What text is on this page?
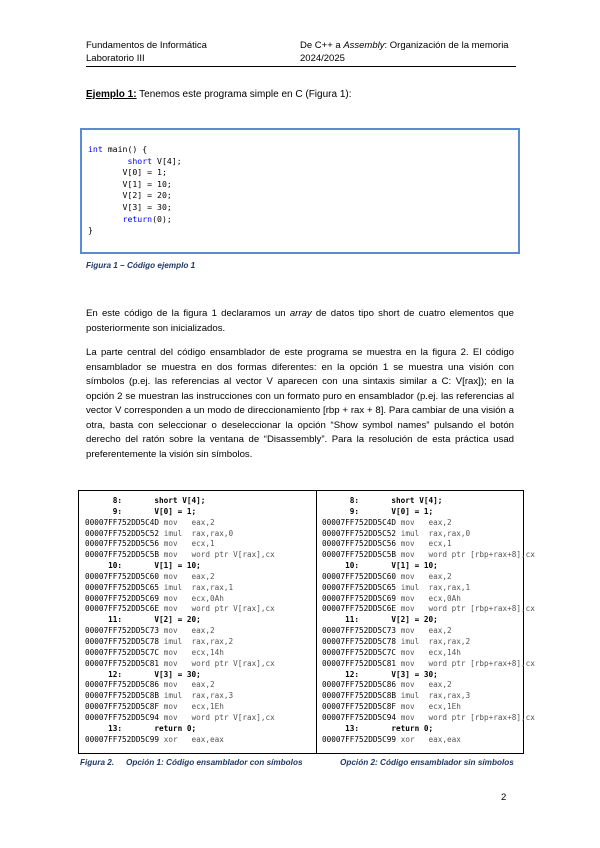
Fundamentos de Informática
Laboratorio III
De C++ a Assembly: Organización de la memoria
2024/2025
Ejemplo 1: Tenemos este programa simple en C (Figura 1):
int main() {
short V[4];
V[0] = 1;
V[1] = 10;
V[2] = 20;
V[3] = 30;
return(0);
}
Figura 1 – Código ejemplo 1
En este código de la figura 1 declaramos un array de datos tipo short de cuatro elementos que posteriormente son inicializados.
La parte central del código ensamblador de este programa se muestra en la figura 2. El código ensamblador se muestra en dos formas diferentes: en la opción 1 se muestra una visión con símbolos (p.ej. las referencias al vector V aparecen con una sintaxis similar a C: V[rax]); en la opción 2 se muestran las instrucciones con un formato puro en ensamblador (p.ej. las referencias al vector V corresponden a un modo de direccionamiento [rbp + rax + 8]. Para cambiar de una visión a otra, basta con seleccionar o deseleccionar la opción “Show symbol names” pulsando el botón derecho del ratón sobre la ventana de “Disassembly”. Para la resolución de esta práctica usad preferentemente la visión sin símbolos.
8:       short V[4];
9:       V[0] = 1;
00007FF752DD5C4D mov   eax,2
00007FF752DD5C52 imul  rax,rax,0
00007FF752DD5C56 mov   ecx,1
00007FF752DD5C5B mov   word ptr V[rax],cx
10:       V[1] = 10;
00007FF752DD5C60 mov   eax,2
00007FF752DD5C65 imul  rax,rax,1
00007FF752DD5C69 mov   ecx,0Ah
00007FF752DD5C6E mov   word ptr V[rax],cx
11:       V[2] = 20;
00007FF752DD5C73 mov   eax,2
00007FF752DD5C78 imul  rax,rax,2
00007FF752DD5C7C mov   ecx,14h
00007FF752DD5C81 mov   word ptr V[rax],cx
12:       V[3] = 30;
00007FF752DD5C86 mov   eax,2
00007FF752DD5C8B imul  rax,rax,3
00007FF752DD5C8F mov   ecx,1Eh
00007FF752DD5C94 mov   word ptr V[rax],cx
13:       return 0;
00007FF752DD5C99 xor   eax,eax
8:       short V[4];
9:       V[0] = 1;
00007FF752DD5C4D mov   eax,2
00007FF752DD5C52 imul  rax,rax,0
00007FF752DD5C56 mov   ecx,1
00007FF752DD5C5B mov   word ptr [rbp+rax+8],cx
10:       V[1] = 10;
00007FF752DD5C60 mov   eax,2
00007FF752DD5C65 imul  rax,rax,1
00007FF752DD5C69 mov   ecx,0Ah
00007FF752DD5C6E mov   word ptr [rbp+rax+8],cx
11:       V[2] = 20;
00007FF752DD5C73 mov   eax,2
00007FF752DD5C78 imul  rax,rax,2
00007FF752DD5C7C mov   ecx,14h
00007FF752DD5C81 mov   word ptr [rbp+rax+8],cx
12:       V[3] = 30;
00007FF752DD5C86 mov   eax,2
00007FF752DD5C8B imul  rax,rax,3
00007FF752DD5C8F mov   ecx,1Eh
00007FF752DD5C94 mov   word ptr [rbp+rax+8],cx
13:       return 0;
00007FF752DD5C99 xor   eax,eax
Figura 2. Opción 1: Código ensamblador con símbolos	Opción 2: Código ensamblador sin símbolos
2
